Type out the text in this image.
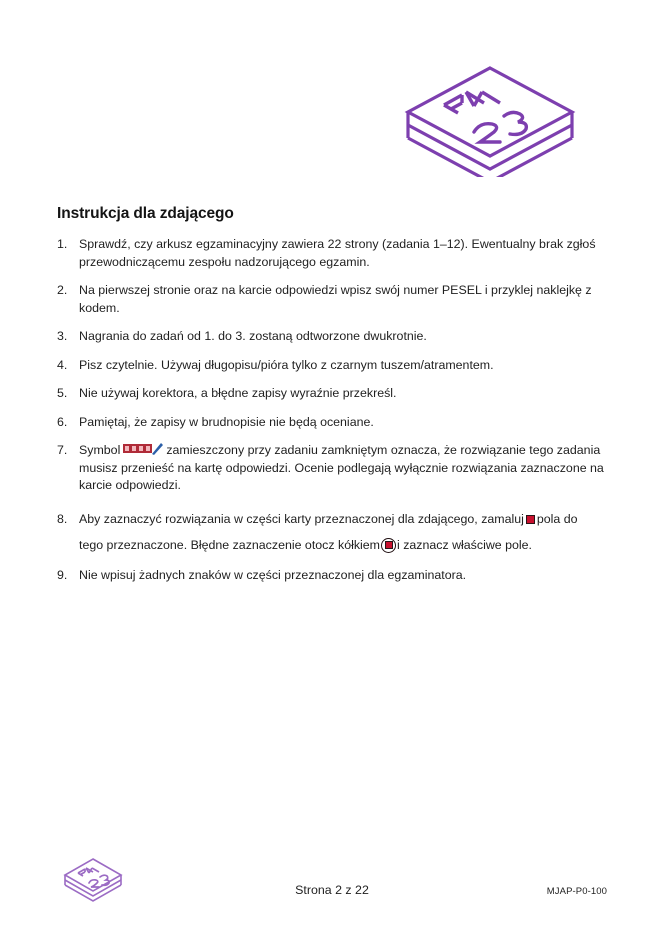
Instrukcja dla zdającego
1. Sprawdź, czy arkusz egzaminacyjny zawiera 22 strony (zadania 1–12). Ewentualny brak zgłoś przewodniczącemu zespołu nadzorującego egzamin.
2. Na pierwszej stronie oraz na karcie odpowiedzi wpisz swój numer PESEL i przyklej naklejkę z kodem.
3. Nagrania do zadań od 1. do 3. zostaną odtworzone dwukrotnie.
4. Pisz czytelnie. Używaj długopisu/pióra tylko z czarnym tuszem/atramentem.
5. Nie używaj korektora, a błędne zapisy wyraźnie przekreśl.
6. Pamiętaj, że zapisy w brudnopisie nie będą oceniane.
7. Symbol	zamieszczony przy zadaniu zamkniętym oznacza, że rozwiązanie tego zadania musisz przenieść na kartę odpowiedzi. Ocenie podlegają wyłącznie rozwiązania zaznaczone na karcie odpowiedzi.
8. Aby zaznaczyć rozwiązania w części karty przeznaczonej dla zdającego, zamaluj pola do tego przeznaczone. Błędne zaznaczenie otocz kółkiem i zaznacz właściwe pole.
9. Nie wpisuj żadnych znaków w części przeznaczonej dla egzaminatora.
Strona 2 z 22	MJAP-P0-100
